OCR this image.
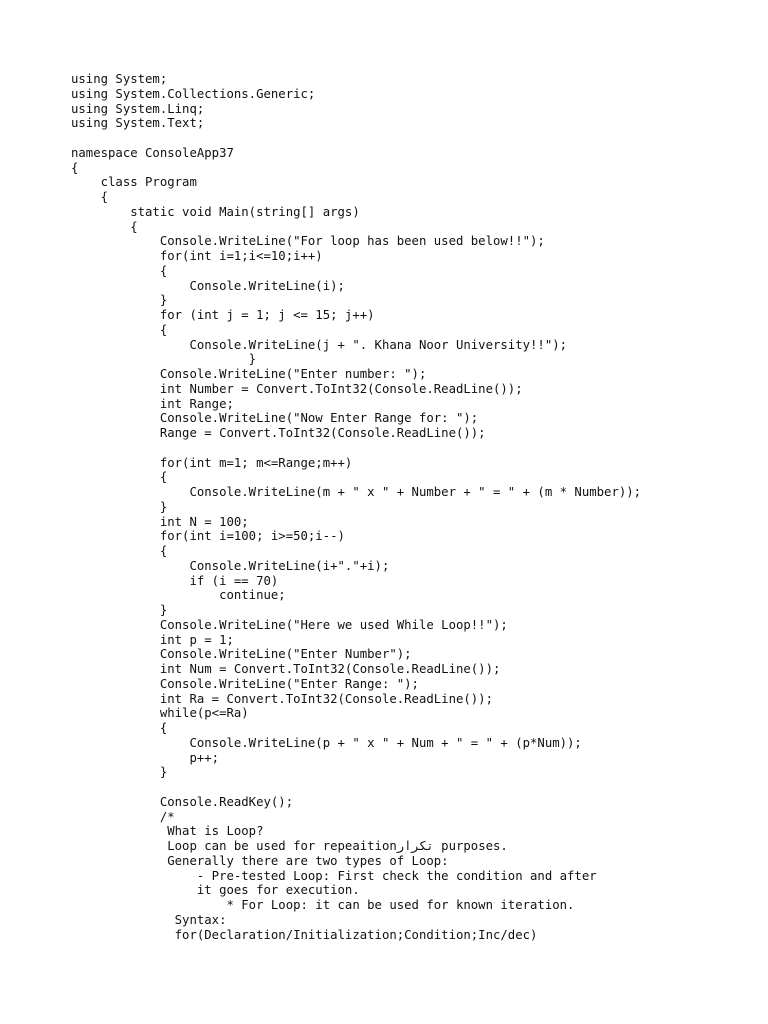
using System;
using System.Collections.Generic;
using System.Linq;
using System.Text;
namespace ConsoleApp37
{
class Program
{
static void Main(string[] args)
{
Console.WriteLine("For loop has been used below!!");
for(int i=1;i<=10;i++)
{
Console.WriteLine(i);
}
for (int j = 1; j <= 15; j++)
{
Console.WriteLine(j + ". Khana Noor University!!");
}
Console.WriteLine("Enter number: ");
int Number = Convert.ToInt32(Console.ReadLine());
int Range;
Console.WriteLine("Now Enter Range for: ");
Range = Convert.ToInt32(Console.ReadLine());
for(int m=1; m<=Range;m++)
{
Console.WriteLine(m + " x " + Number + " = " + (m * Number));
}
int N = 100;
for(int i=100; i>=50;i--)
{
Console.WriteLine(i+"."+i);
if (i == 70)
continue;
}
Console.WriteLine("Here we used While Loop!!");
int p = 1;
Console.WriteLine("Enter Number");
int Num = Convert.ToInt32(Console.ReadLine());
Console.WriteLine("Enter Range: ");
int Ra = Convert.ToInt32(Console.ReadLine());
while(p<=Ra)
{
Console.WriteLine(p + " x " + Num + " = " + (p*Num));
p++;
}
Console.ReadKey();
/*
What is Loop?
Loop can be used for repeaitionتکرار purposes.
Generally there are two types of Loop:
- Pre-tested Loop: First check the condition and after
it goes for execution.
* For Loop: it can be used for known iteration.
Syntax:
for(Declaration/Initialization;Condition;Inc/dec)
